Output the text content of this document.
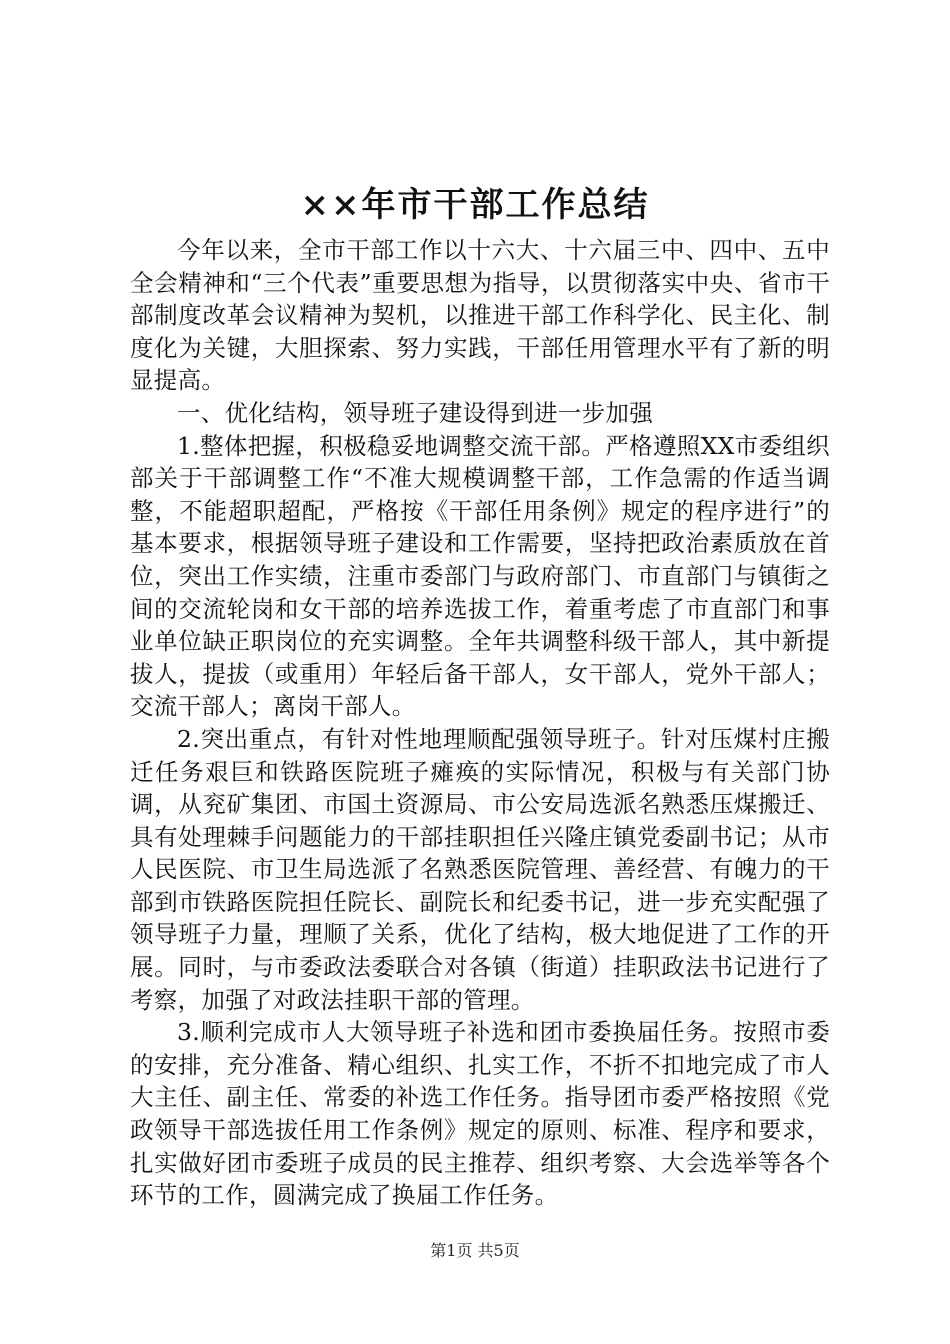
××年市干部工作总结

今年以来，全市干部工作以十六大、十六届三中、四中、五中全会精神和“三个代表”重要思想为指导，以贯彻落实中央、省市干部制度改革会议精神为契机，以推进干部工作科学化、民主化、制度化为关键，大胆探索、努力实践，干部任用管理水平有了新的明显提高。

一、优化结构，领导班子建设得到进一步加强

1.整体把握，积极稳妥地调整交流干部。严格遵照XX市委组织部关于干部调整工作“不准大规模调整干部，工作急需的作适当调整，不能超职超配，严格按《干部任用条例》规定的程序进行”的基本要求，根据领导班子建设和工作需要，坚持把政治素质放在首位，突出工作实绩，注重市委部门与政府部门、市直部门与镇街之间的交流轮岗和女干部的培养选拔工作，着重考虑了市直部门和事业单位缺正职岗位的充实调整。全年共调整科级干部人，其中新提拔人，提拔（或重用）年轻后备干部人，女干部人，党外干部人；交流干部人；离岗干部人。

2.突出重点，有针对性地理顺配强领导班子。针对压煤村庄搬迁任务艰巨和铁路医院班子瘫痪的实际情况，积极与有关部门协调，从兖矿集团、市国土资源局、市公安局选派名熟悉压煤搬迁、具有处理棘手问题能力的干部挂职担任兴隆庄镇党委副书记；从市人民医院、市卫生局选派了名熟悉医院管理、善经营、有魄力的干部到市铁路医院担任院长、副院长和纪委书记，进一步充实配强了领导班子力量，理顺了关系，优化了结构，极大地促进了工作的开展。同时，与市委政法委联合对各镇（街道）挂职政法书记进行了考察，加强了对政法挂职干部的管理。

3.顺利完成市人大领导班子补选和团市委换届任务。按照市委的安排，充分准备、精心组织、扎实工作，不折不扣地完成了市人大主任、副主任、常委的补选工作任务。指导团市委严格按照《党政领导干部选拔任用工作条例》规定的原则、标准、程序和要求，扎实做好团市委班子成员的民主推荐、组织考察、大会选举等各个环节的工作，圆满完成了换届工作任务。

第1页 共5页
